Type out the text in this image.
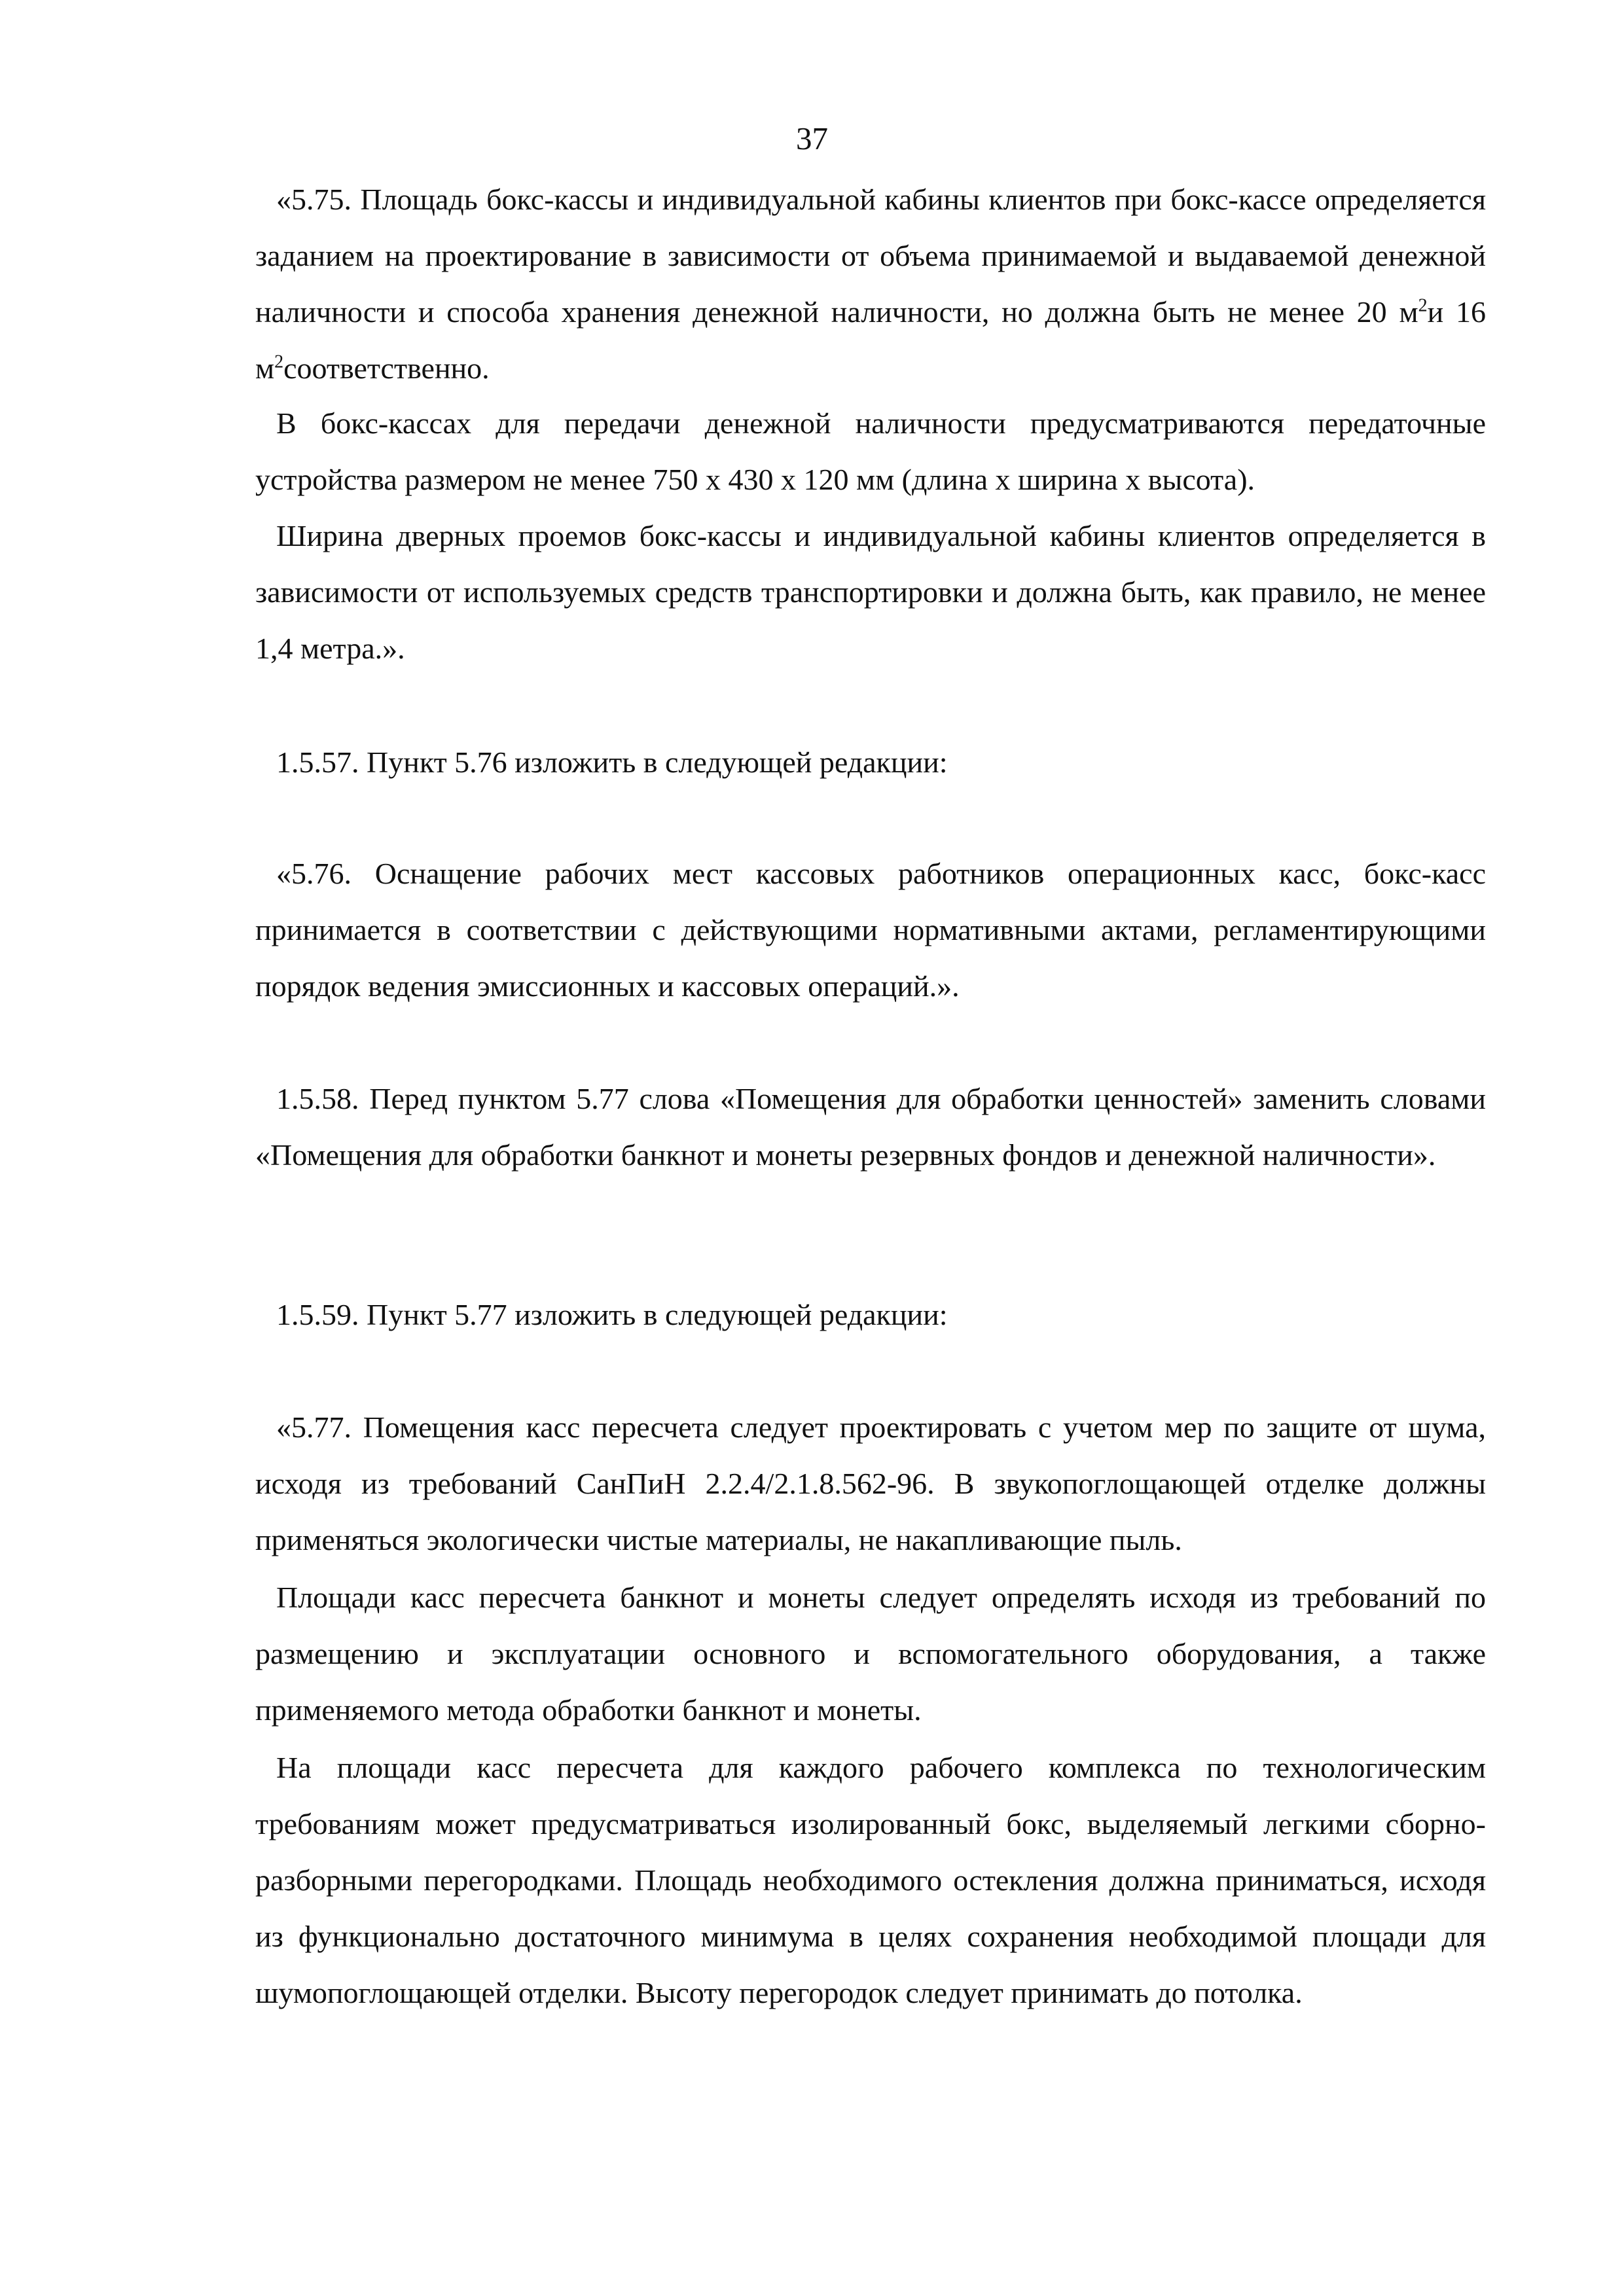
37

«5.75. Площадь бокс-кассы и индивидуальной кабины клиентов при бокс-кассе определяется заданием на проектирование в зависимости от объема принимаемой и выдаваемой денежной наличности и способа хранения денежной наличности, но должна быть не менее 20 $м^2и$ 16 $м^2соответственно$.

В бокс-кассах для передачи денежной наличности предусматриваются передаточные устройства размером не менее 750 x 430 x 120 мм (длина x ширина x высота).

Ширина дверных проемов бокс-кассы и индивидуальной кабины клиентов определяется в зависимости от используемых средств транспортировки и должна быть, как правило, не менее 1,4 метра.».

1.5.57. Пункт 5.76 изложить в следующей редакции:

«5.76. Оснащение рабочих мест кассовых работников операционных касс, бокс-касс принимается в соответствии с действующими нормативными актами, регламентирующими порядок ведения эмиссионных и кассовых операций.».

1.5.58. Перед пунктом 5.77 слова «Помещения для обработки ценностей» заменить словами «Помещения для обработки банкнот и монеты резервных фондов и денежной наличности».

1.5.59. Пункт 5.77 изложить в следующей редакции:

«5.77. Помещения касс пересчета следует проектировать с учетом мер по защите от шума, исходя из требований СанПиН 2.2.4/2.1.8.562-96. В звукопоглощающей отделке должны применяться экологически чистые материалы, не накапливающие пыль.

Площади касс пересчета банкнот и монеты следует определять исходя из требований по размещению и эксплуатации основного и вспомогательного оборудования, а также применяемого метода обработки банкнот и монеты.

На площади касс пересчета для каждого рабочего комплекса по технологическим требованиям может предусматриваться изолированный бокс, выделяемый легкими сборно-разборными перегородками. Площадь необходимого остекления должна приниматься, исходя из функционально достаточного минимума в целях сохранения необходимой площади для шумопоглощающей отделки. Высоту перегородок следует принимать до потолка.
